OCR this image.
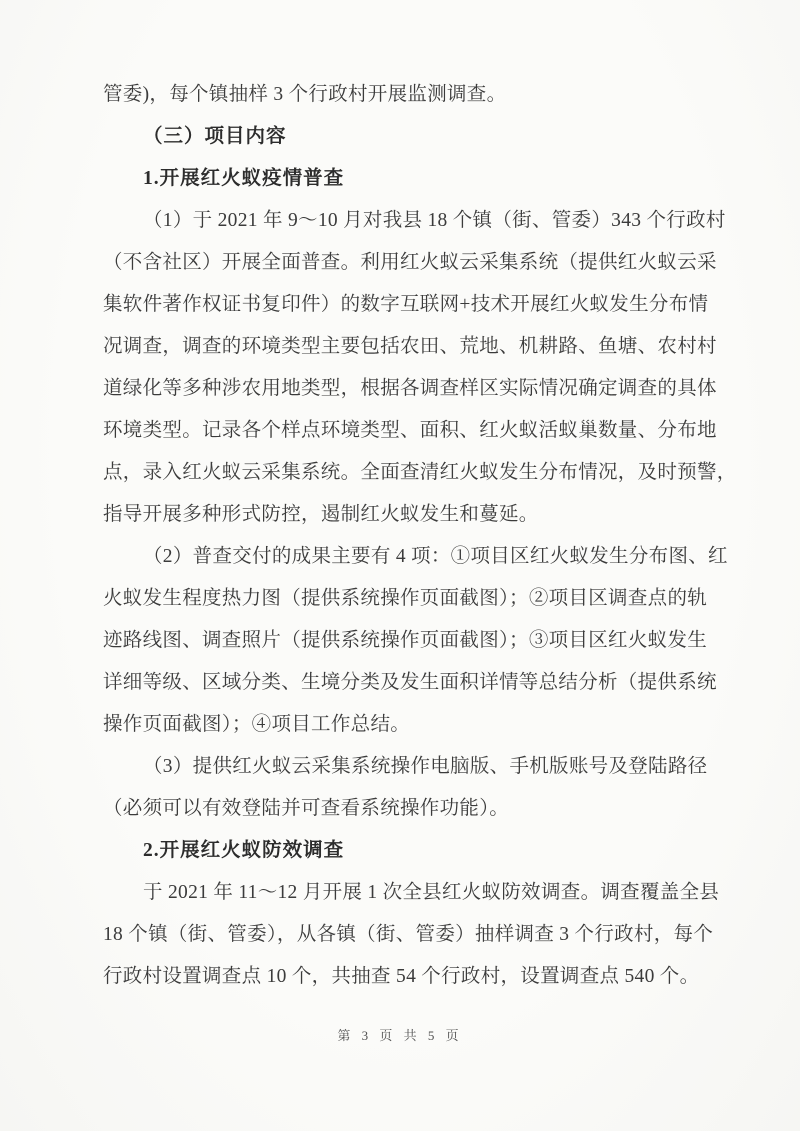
管委)，每个镇抽样 3 个行政村开展监测调查。
（三）项目内容
1.开展红火蚁疫情普查
（1）于 2021 年 9～10 月对我县 18 个镇（街、管委）343 个行政村
（不含社区）开展全面普查。利用红火蚁云采集系统（提供红火蚁云采
集软件著作权证书复印件）的数字互联网+技术开展红火蚁发生分布情
况调查，调查的环境类型主要包括农田、荒地、机耕路、鱼塘、农村村
道绿化等多种涉农用地类型，根据各调查样区实际情况确定调查的具体
环境类型。记录各个样点环境类型、面积、红火蚁活蚁巢数量、分布地
点，录入红火蚁云采集系统。全面查清红火蚁发生分布情况，及时预警，
指导开展多种形式防控，遏制红火蚁发生和蔓延。
（2）普查交付的成果主要有 4 项：①项目区红火蚁发生分布图、红
火蚁发生程度热力图（提供系统操作页面截图）；②项目区调查点的轨
迹路线图、调查照片（提供系统操作页面截图）；③项目区红火蚁发生
详细等级、区域分类、生境分类及发生面积详情等总结分析（提供系统
操作页面截图）；④项目工作总结。
（3）提供红火蚁云采集系统操作电脑版、手机版账号及登陆路径
（必须可以有效登陆并可查看系统操作功能）。
2.开展红火蚁防效调查
于 2021 年 11～12 月开展 1 次全县红火蚁防效调查。调查覆盖全县
18 个镇（街、管委），从各镇（街、管委）抽样调查 3 个行政村，每个
行政村设置调查点 10 个，共抽查 54 个行政村，设置调查点 540 个。
第 3 页 共 5 页
